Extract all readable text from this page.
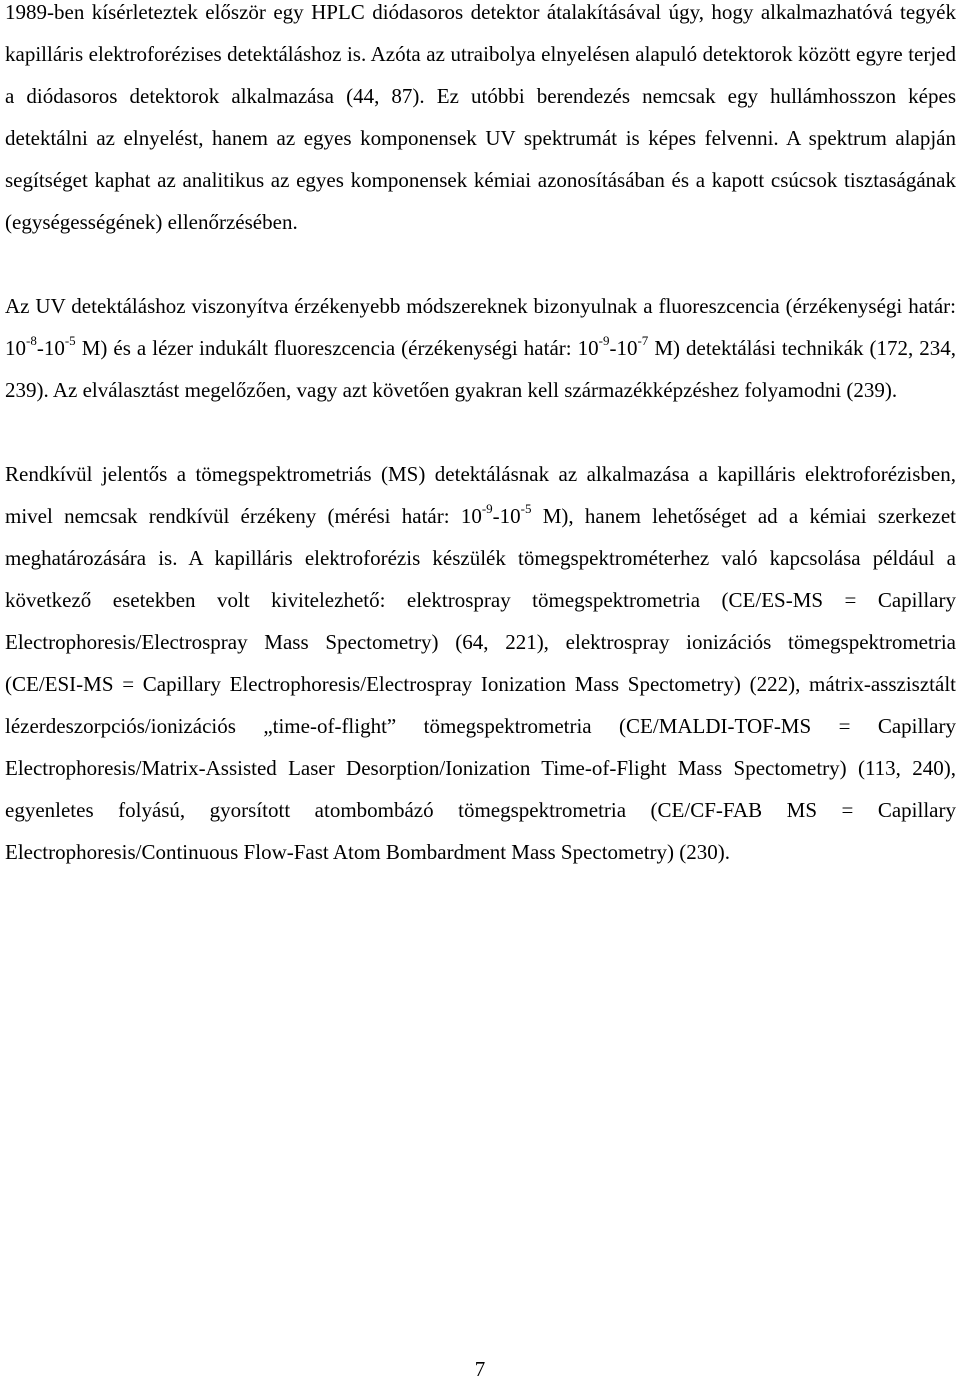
1989-ben kísérleteztek először egy HPLC diódasoros detektor átalakításával úgy, hogy alkalmazhatóvá tegyék kapilláris elektroforézises detektáláshoz is. Azóta az utraibolya elnyelésen alapuló detektorok között egyre terjed a diódasoros detektorok alkalmazása (44, 87). Ez utóbbi berendezés nemcsak egy hullámhosszon képes detektálni az elnyelést, hanem az egyes komponensek UV spektrumát is képes felvenni. A spektrum alapján segítséget kaphat az analitikus az egyes komponensek kémiai azonosításában és a kapott csúcsok tisztaságának (egységességének) ellenőrzésében.

Az UV detektáláshoz viszonyítva érzékenyebb módszereknek bizonyulnak a fluoreszcencia (érzékenységi határ: $10^{-8}-10^{-5}$ M) és a lézer indukált fluoreszcencia (érzékenységi határ: $10^{-9}-10^{-7}$ M) detektálási technikák (172, 234, 239). Az elválasztást megelőzően, vagy azt követően gyakran kell származékképzéshez folyamodni (239).

Rendkívül jelentős a tömegspektrometriás (MS) detektálásnak az alkalmazása a kapilláris elektroforézisben, mivel nemcsak rendkívül érzékeny (mérési határ: $10^{-9}-10^{-5}$ M), hanem lehetőséget ad a kémiai szerkezet meghatározására is. A kapilláris elektroforézis készülék tömegspektrométerhez való kapcsolása például a következő esetekben volt kivitelezhető: elektrospray tömegspektrometria (CE/ES-MS = Capillary Electrophoresis/Electrospray Mass Spectometry) (64, 221), elektrospray ionizációs tömegspektrometria (CE/ESI-MS = Capillary Electrophoresis/Electrospray Ionization Mass Spectometry) (222), mátrix-asszisztált lézerdeszorpciós/ionizációs „time-of-flight” tömegspektrometria (CE/MALDI-TOF-MS = Capillary Electrophoresis/Matrix-Assisted Laser Desorption/Ionization Time-of-Flight Mass Spectometry) (113, 240), egyenletes folyású, gyorsított atombombázó tömegspektrometria (CE/CF-FAB MS = Capillary Electrophoresis/Continuous Flow-Fast Atom Bombardment Mass Spectometry) (230).

7
